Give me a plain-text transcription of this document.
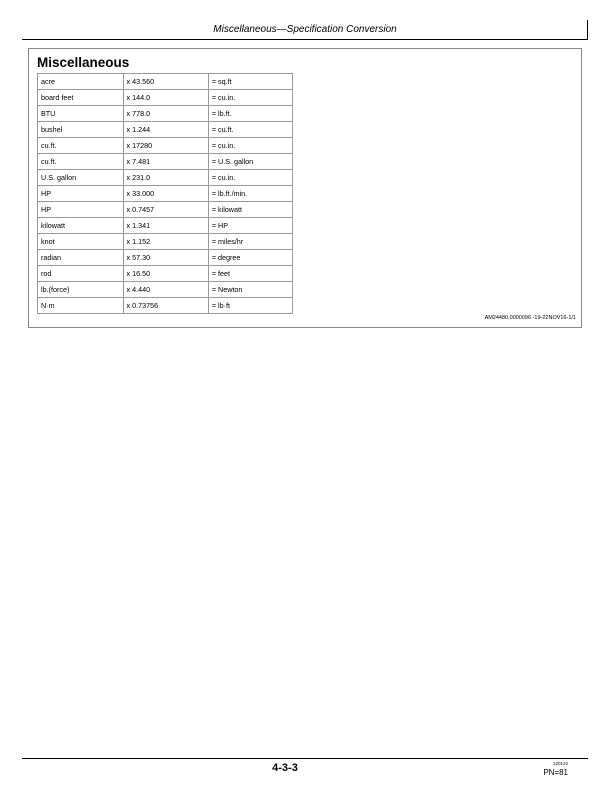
Miscellaneous—Specification Conversion
Miscellaneous
acre	x 43.560	= sq.ft
board feet	x 144.0	= cu.in.
BTU	x 778.0	= lb.ft.
bushel	x 1.244	= cu.ft.
cu.ft.	x 17280	= cu.in.
cu.ft.	x 7.481	= U.S. gallon
U.S. gallon	x 231.0	= cu.in.
HP	x 33.000	= lb.ft./min.
HP	x 0.7457	= kilowatt
kilowatt	x 1.341	= HP
knot	x 1.152	= miles/hr
radian	x 57.30	= degree
rod	x 16.50	= feet
lb.(force)	x 4.440	= Newton
N·m	x 0.73756	= lb·ft
AM24480,0000096 -19-22NOV16-1/1
4-3-3	120122
PN=81
